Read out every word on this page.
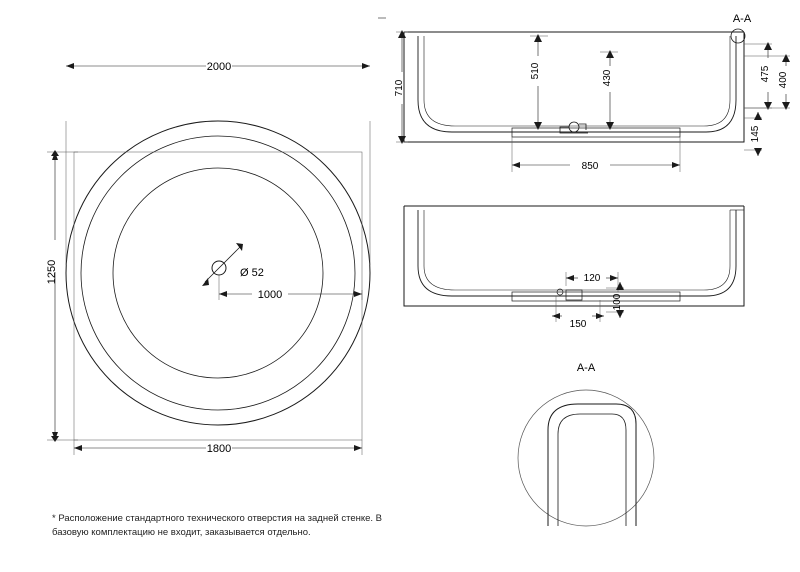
2000
1800
1250	Ø 52
1000
A-A
710
510	430	475 400
145
850
120
150
100
A-A
* Расположение стандартного технического отверстия на задней стенке. В
базовую комплектацию не входит, заказывается отдельно.
